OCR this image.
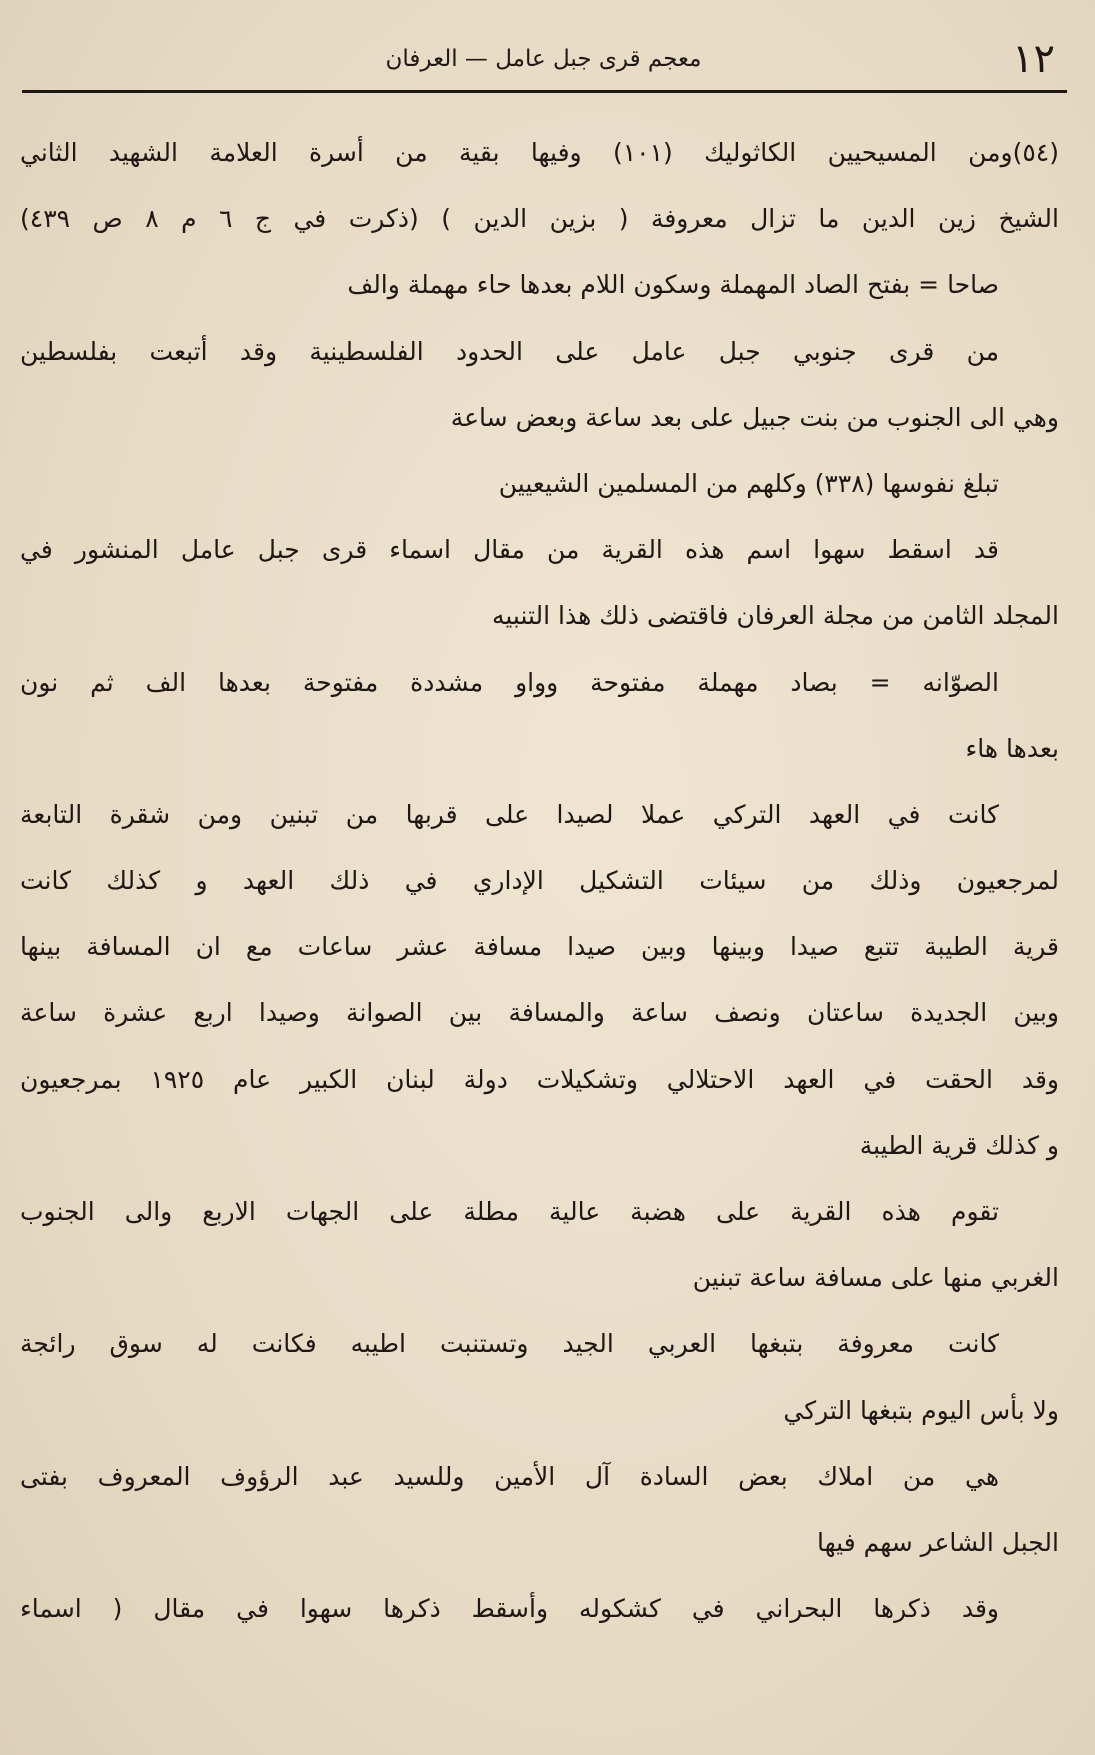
١٢
معجم قرى جبل عامل — العرفان
(٥٤)ومن المسيحيين الكاثوليك (١٠١) وفيها بقية من أسرة العلامة الشهيد الثاني
الشيخ زين الدين ما تزال معروفة ( بزين الدين ) (ذكرت في ج ٦ م ٨ ص ٤٣٩)
صاحا = بفتح الصاد المهملة وسكون اللام بعدها حاء مهملة والف
من قرى جنوبي جبل عامل على الحدود الفلسطينية وقد أتبعت بفلسطين
وهي الى الجنوب من بنت جبيل على بعد ساعة وبعض ساعة
تبلغ نفوسها (٣٣٨) وكلهم من المسلمين الشيعيين
قد اسقط سهوا اسم هذه القرية من مقال اسماء قرى جبل عامل المنشور في
المجلد الثامن من مجلة العرفان فاقتضى ذلك هذا التنبيه
الصوّانه = بصاد مهملة مفتوحة وواو مشددة مفتوحة بعدها الف ثم نون
بعدها هاء
كانت في العهد التركي عملا لصيدا على قربها من تبنين ومن شقرة التابعة
لمرجعيون وذلك من سيئات التشكيل الإداري في ذلك العهد و كذلك كانت
قرية الطيبة تتبع صيدا وبينها وبين صيدا مسافة عشر ساعات مع ان المسافة بينها
وبين الجديدة ساعتان ونصف ساعة والمسافة بين الصوانة وصيدا اربع عشرة ساعة
وقد الحقت في العهد الاحتلالي وتشكيلات دولة لبنان الكبير عام ١٩٢٥ بمرجعيون
و كذلك قرية الطيبة
تقوم هذه القرية على هضبة عالية مطلة على الجهات الاربع والى الجنوب
الغربي منها على مسافة ساعة تبنين
كانت معروفة بتبغها العربي الجيد وتستنبت اطيبه فكانت له سوق رائجة
ولا بأس اليوم بتبغها التركي
هي من املاك بعض السادة آل الأمين وللسيد عبد الرؤوف المعروف بفتى
الجبل الشاعر سهم فيها
وقد ذكرها البحراني في كشكوله وأسقط ذكرها سهوا في مقال ( اسماء
